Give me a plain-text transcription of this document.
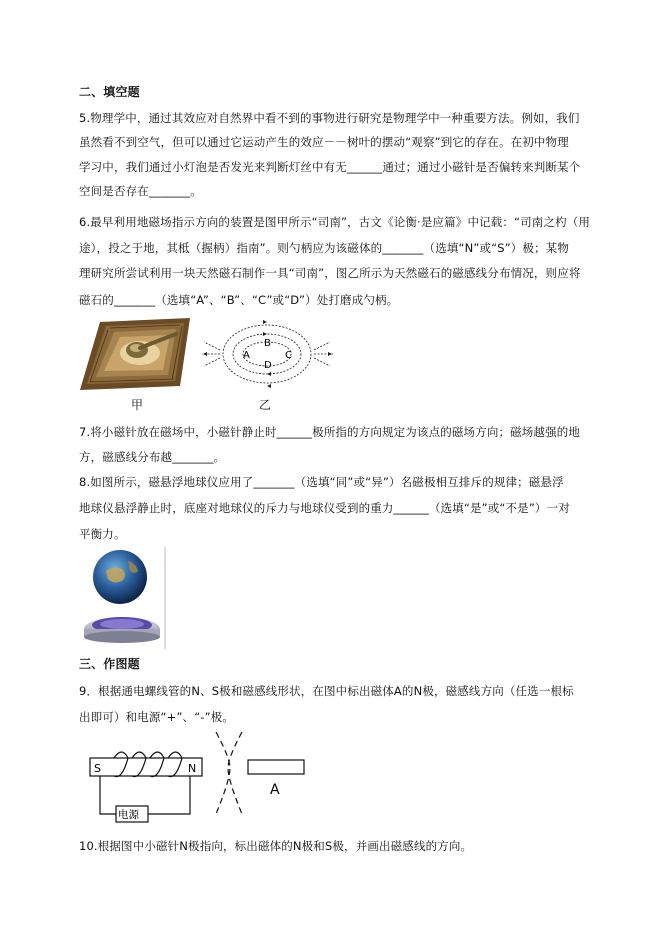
二、填空题
5.物理学中，通过其效应对自然界中看不到的事物进行研究是物理学中一种重要方法。例如，我们
虽然看不到空气，但可以通过它运动产生的效应－－树叶的摆动“观察”到它的存在。在初中物理
学习中，我们通过小灯泡是否发光来判断灯丝中有无______通过；通过小磁针是否偏转来判断某个
空间是否存在_______。
6.最早利用地磁场指示方向的装置是图甲所示“司南”，古文《论衡·是应篇》中记载：“司南之杓（用
途），投之于地，其柢（握柄）指南”。则勺柄应为该磁体的_______（选填“N”或“S”）极；某物
理研究所尝试利用一块天然磁石制作一具“司南”，图乙所示为天然磁石的磁感线分布情况，则应将
磁石的_______（选填“A”、“B”、“C”或“D”）处打磨成勺柄。
甲
A
B
C
D
乙
7.将小磁针放在磁场中，小磁针静止时______极所指的方向规定为该点的磁场方向；磁场越强的地
方，磁感线分布越_______。
8.如图所示，磁悬浮地球仪应用了_______（选填“同”或“异”）名磁极相互排斥的规律；磁悬浮
地球仪悬浮静止时，底座对地球仪的斥力与地球仪受到的重力______（选填“是”或“不是”）一对
平衡力。
三、作图题
9．根据通电螺线管的N、S极和磁感线形状，在图中标出磁体A的N极，磁感线方向（任选一根标
出即可）和电源“+”、“-”极。
S	N
A
电源
10.根据图中小磁针N极指向，标出磁体的N极和S极，并画出磁感线的方向。
